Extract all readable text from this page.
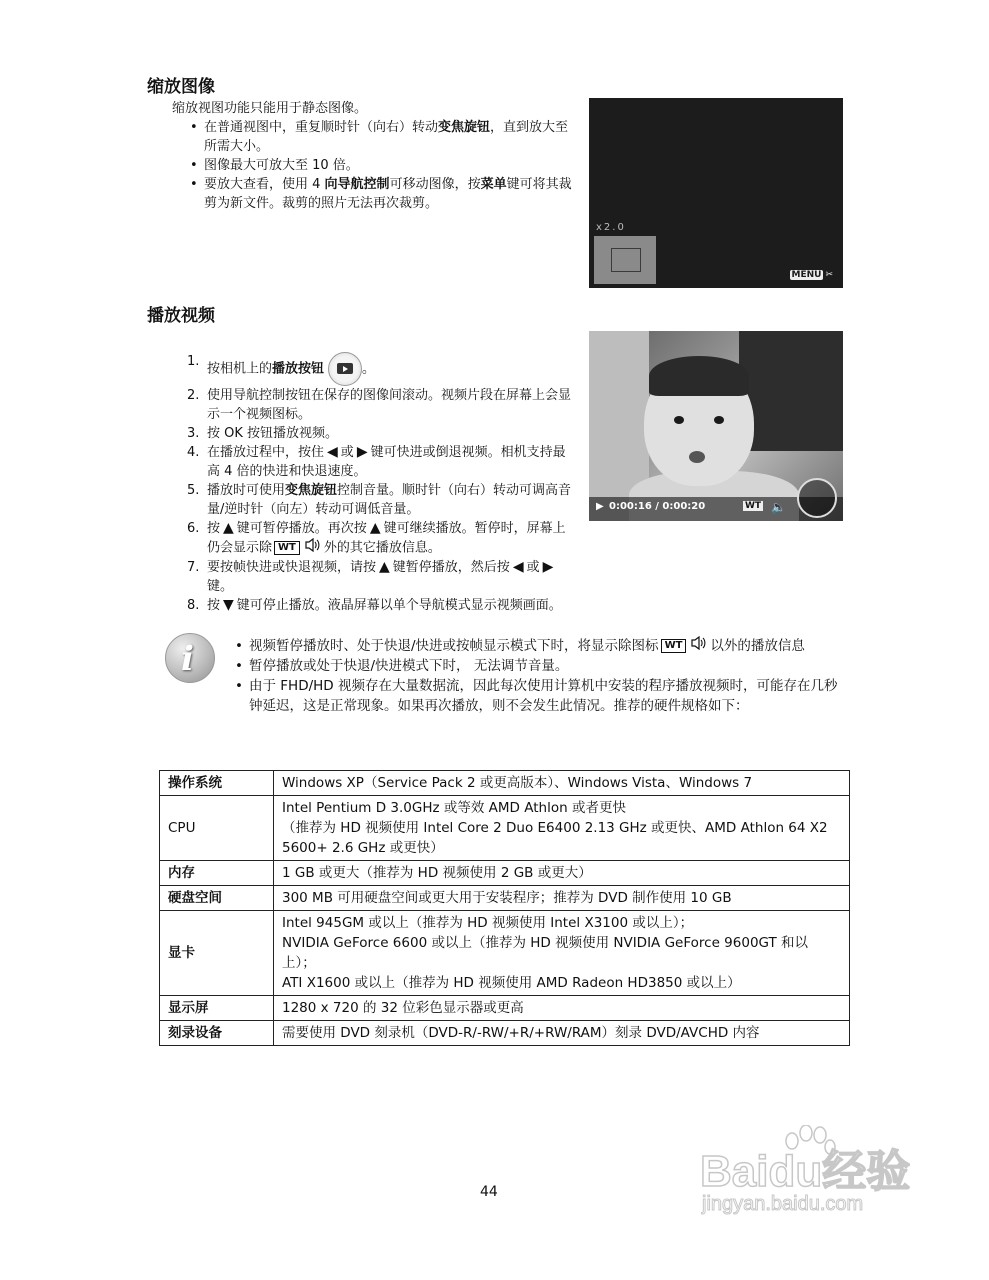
缩放图像
缩放视图功能只能用于静态图像。
• 在普通视图中，重复顺时针（向右）转动变焦旋钮，直到放大至所需大小。
• 图像最大可放大至 10 倍。
• 要放大查看，使用 4 向导航控制可移动图像，按菜单键可将其裁剪为新文件。裁剪的照片无法再次裁剪。
x2.0
MENU ✂
播放视频
1. 按相机上的播放按钮	。
2. 使用导航控制按钮在保存的图像间滚动。视频片段在屏幕上会显示一个视频图标。
3. 按 OK 按钮播放视频。
4. 在播放过程中，按住 ◀ 或 ▶ 键可快进或倒退视频。相机支持最高 4 倍的快进和快退速度。
5. 播放时可使用变焦旋钮控制音量。顺时针（向右）转动可调高音量/逆时针（向左）转动可调低音量。
6. 按 ▲ 键可暂停播放。再次按 ▲ 键可继续播放。暂停时，屏幕上仍会显示除 WT 外的其它播放信息。
7. 要按帧快进或快退视频，请按 ▲ 键暂停播放，然后按 ◀ 或 ▶键。
8. 按 ▼ 键可停止播放。液晶屏幕以单个导航模式显示视频画面。
▶ 0:00:16 / 0:00:20	WT 🔈
i	• 视频暂停播放时、处于快退/快进或按帧显示模式下时，将显示除图标 WT 以外的播放信息
• 暂停播放或处于快退/快进模式下时， 无法调节音量。
• 由于 FHD/HD 视频存在大量数据流，因此每次使用计算机中安装的程序播放视频时，可能存在几秒钟延迟，这是正常现象。如果再次播放，则不会发生此情况。推荐的硬件规格如下：
操作系统	Windows XP（Service Pack 2 或更高版本）、Windows Vista、Windows 7

CPU	Intel Pentium D 3.0GHz 或等效 AMD Athlon 或者更快
（推荐为 HD 视频使用 Intel Core 2 Duo E6400 2.13 GHz 或更快、AMD Athlon 64 X2 5600+ 2.6 GHz 或更快）

内存	1 GB 或更大（推荐为 HD 视频使用 2 GB 或更大）

硬盘空间	300 MB 可用硬盘空间或更大用于安装程序；推荐为 DVD 制作使用 10 GB

显卡	Intel 945GM 或以上（推荐为 HD 视频使用 Intel X3100 或以上）；
NVIDIA GeForce 6600 或以上（推荐为 HD 视频使用 NVIDIA GeForce 9600GT 和以上）；
ATI X1600 或以上（推荐为 HD 视频使用 AMD Radeon HD3850 或以上）

显示屏	1280 x 720 的 32 位彩色显示器或更高

刻录设备	需要使用 DVD 刻录机（DVD-R/-RW/+R/+RW/RAM）刻录 DVD/AVCHD 内容
44	Baidu经验
jingyan.baidu.com
